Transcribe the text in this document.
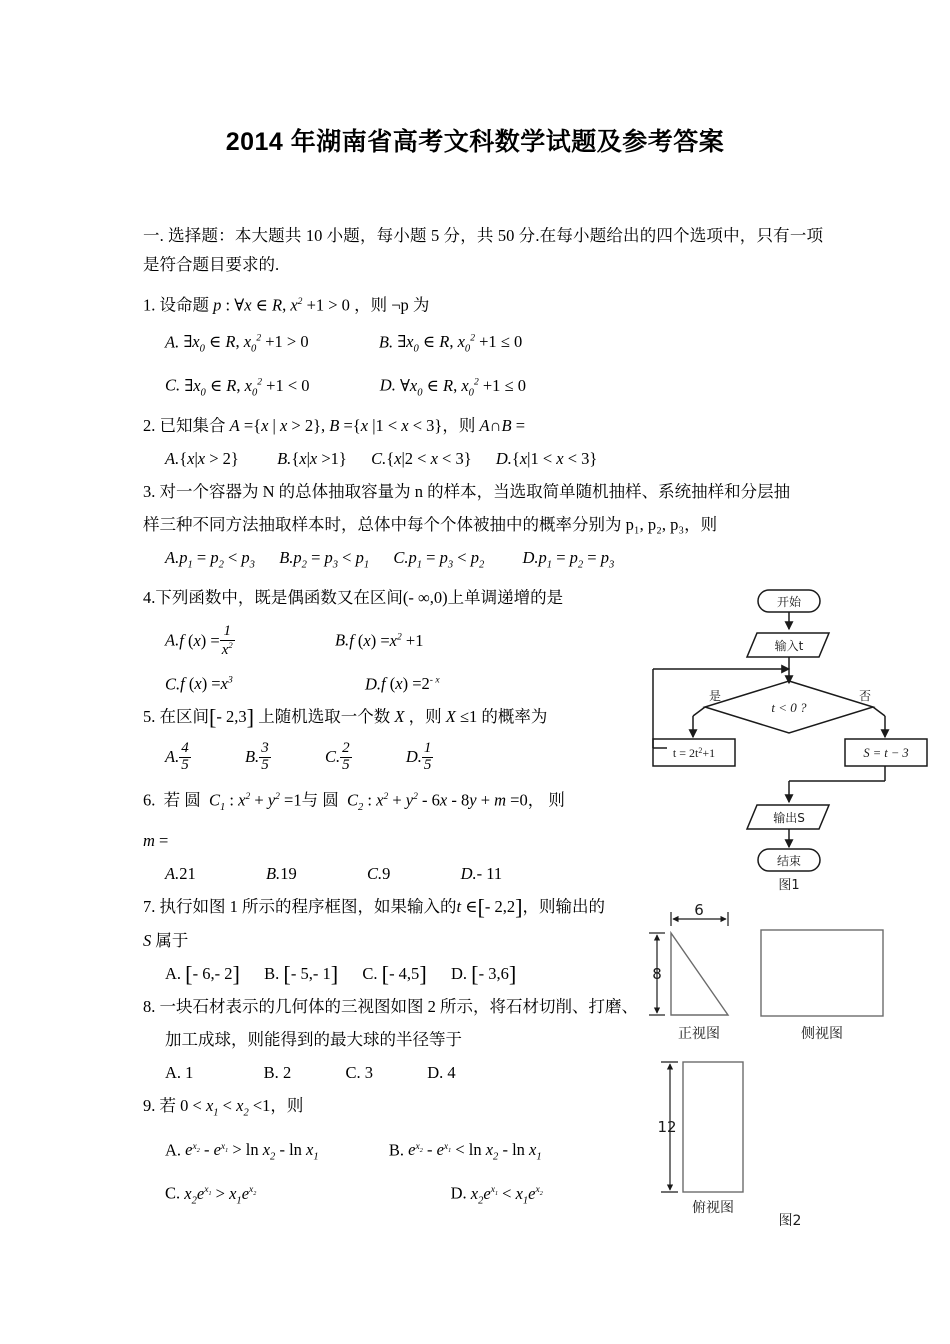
2014 年湖南省高考文科数学试题及参考答案
一. 选择题：本大题共 10 小题，每小题 5 分，共 50 分.在每小题给出的四个选项中，只有一项是符合题目要求的.
1. 设命题 p : ∀x ∈ R, $x^2 +1 > 0$ ，则 ¬p 为
A. $\exists x_0$ ∈ R, $x_0^2 +1 > 0$	B. $\exists x_0$ ∈ R, $x_0^2 +1 \le 0$
C. $\exists x_0$ ∈ R, $x_0^2 +1 < 0$	D. $\forall x_0$ ∈ R, $x_0^2 +1 \le 0$
2. 已知集合 A ={x | x > 2}, B ={x |1 < x < 3}，则 A∩B =
A.{x|x > 2} B.{x|x >1} C.{x|2 < x < 3} D.{x|1 < x < 3}
3. 对一个容器为 N 的总体抽取容量为 n 的样本，当选取简单随机抽样、系统抽样和分层抽
样三种不同方法抽取样本时，总体中每个个体被抽中的概率分别为 p₁, p₂, p₃，则
$A.p_1 = p_2 < p_3$ $B.p_2 = p_3 < p_1$ $C.p_1 = p_3 < p_2$ $D.p_1 = p_2 = p_3$
4.下列函数中，既是偶函数又在区间(- ∞,0)上单调递增的是
A.f $(x) = \frac{1}{x^2}$	B.f $(x) =x^2 +1$
C.f $(x) =x^3$	D.f $(x) =2^{- x}$
5. 在区间[- 2,3] 上随机选取一个数 X ，则 X ≤1 的概率为
A. $\frac{4}{5}$	B. $\frac{3}{5}$	C. $\frac{2}{5}$	D. $\frac{1}{5}$
6.  若 圆  $C_1$ : $x^2 + y^2 =1$与 圆  $C_2$ : $x^2 + y^2 - 6x - 8y + m =0$， 则
m =
A.21	B.19	C.9	D.- 11
7. 执行如图 1 所示的程序框图，如果输入的t ∈[- 2,2]，则输出的
S 属于
A. [- 6,- 2] B. [- 5,- 1] C. [- 4,5] D. [- 3,6]
8. 一块石材表示的几何体的三视图如图 2 所示，将石材切削、打磨、
加工成球，则能得到的最大球的半径等于
A. 1	B. 2	C. 3	D. 4
9. 若 $0 < x_1 < x_2 <1$，则
A. $e^{x_2} - e^{x_1} > \ln x_2 - \ln x_1$	B. $e^{x_2} - e^{x_1} < \ln x_2 - \ln x_1$
C. $x_2e^{x_1} > x_1e^{x_2}$	D. $x_2e^{x_1} < x_1e^{x_2}$
开始
输入t
t < 0 ?
是	否
$t = 2t^2+1$	S = t − 3
输出S
结束
图1
6
8
正视图	侧视图
12
俯视图
图2
